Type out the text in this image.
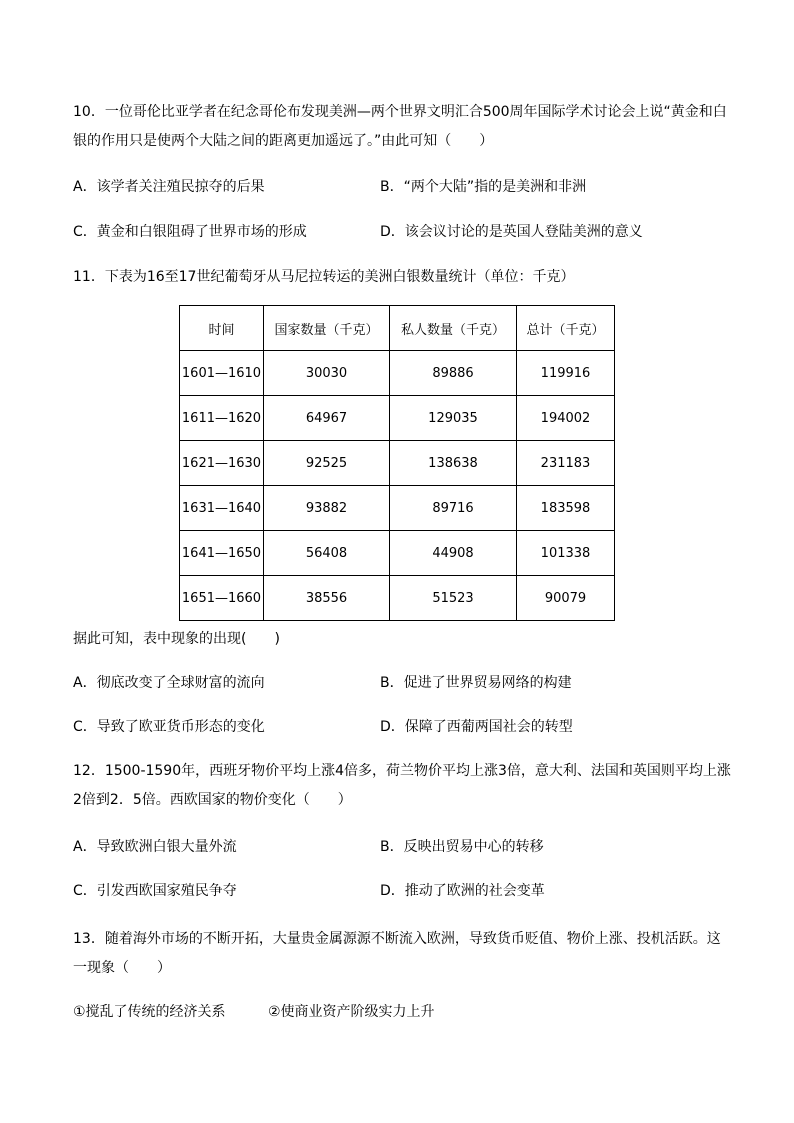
10．一位哥伦比亚学者在纪念哥伦布发现美洲—两个世界文明汇合500周年国际学术讨论会上说“黄金和白银的作用只是使两个大陆之间的距离更加遥远了。”由此可知（　　）
A．该学者关注殖民掠夺的后果	B．“两个大陆”指的是美洲和非洲
C．黄金和白银阻碍了世界市场的形成	D．该会议讨论的是英国人登陆美洲的意义
11．下表为16至17世纪葡萄牙从马尼拉转运的美洲白银数量统计（单位：千克）
时间	国家数量（千克）	私人数量（千克）	总计（千克）
1601—1610	30030	89886	119916
1611—1620	64967	129035	194002
1621—1630	92525	138638	231183
1631—1640	93882	89716	183598
1641—1650	56408	44908	101338
1651—1660	38556	51523	90079
据此可知，表中现象的出现(　　)
A．彻底改变了全球财富的流向	B．促进了世界贸易网络的构建
C．导致了欧亚货币形态的变化	D．保障了西葡两国社会的转型
12．1500-1590年，西班牙物价平均上涨4倍多，荷兰物价平均上涨3倍，意大利、法国和英国则平均上涨2倍到2．5倍。西欧国家的物价变化（　　）
A．导致欧洲白银大量外流	B．反映出贸易中心的转移
C．引发西欧国家殖民争夺	D．推动了欧洲的社会变革
13．随着海外市场的不断开拓，大量贵金属源源不断流入欧洲，导致货币贬值、物价上涨、投机活跃。这一现象（　　）
①搅乱了传统的经济关系	②使商业资产阶级实力上升
